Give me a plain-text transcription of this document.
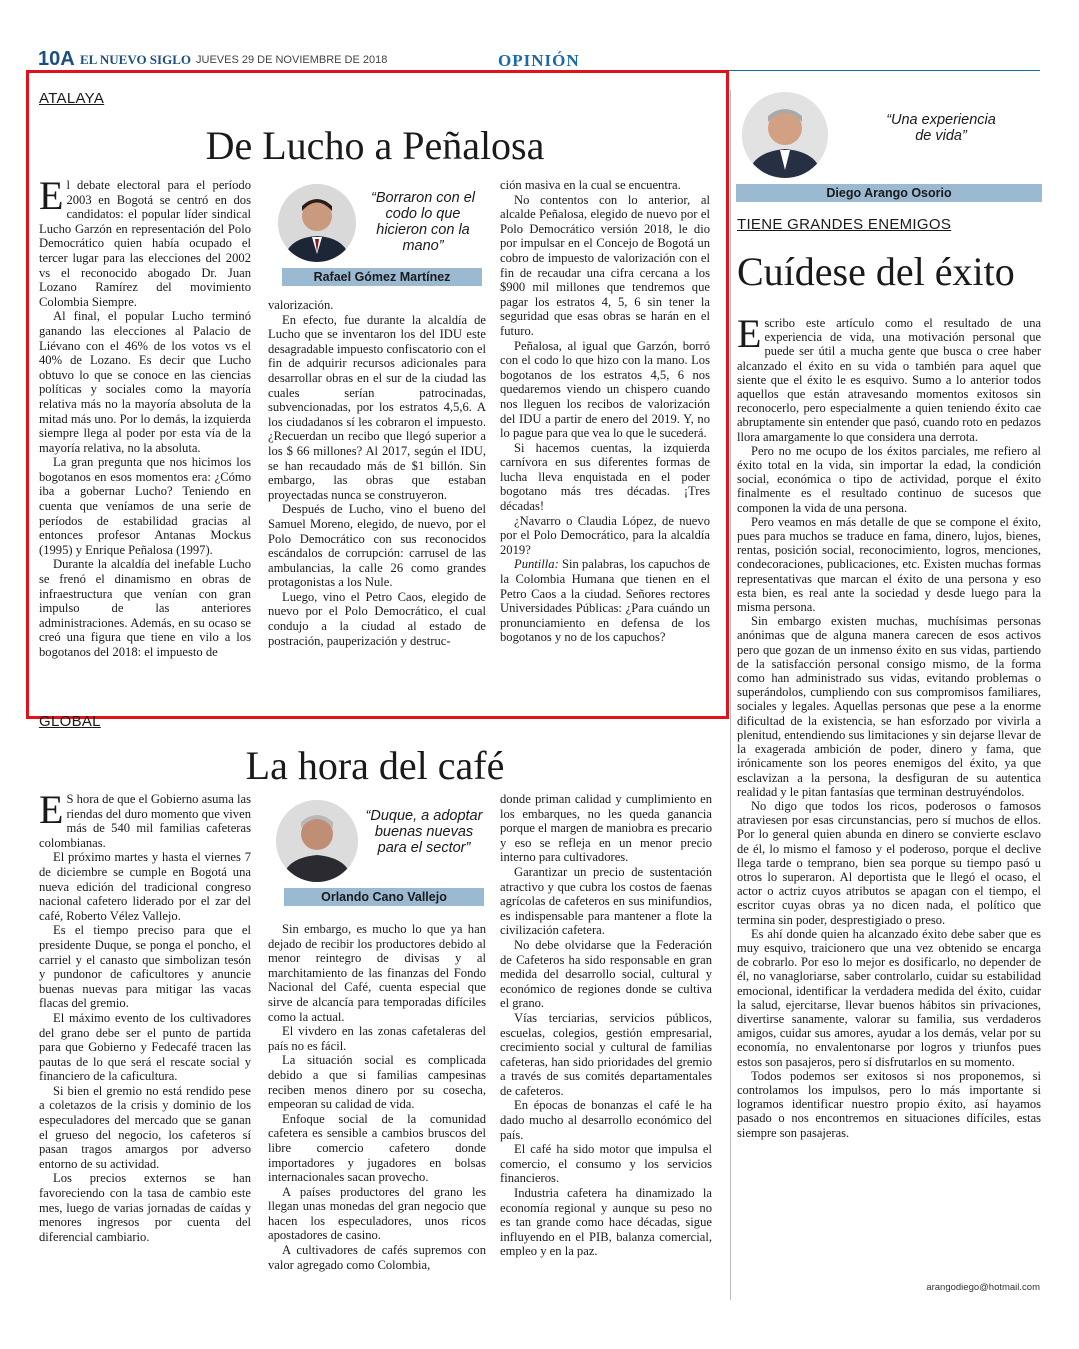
10A EL NUEVO SIGLO JUEVES 29 DE NOVIEMBRE DE 2018	OPINIÓN
ATALAYA
De Lucho a Peñalosa

El debate electoral para el período 2003 en Bogotá se centró en dos candidatos: el popular líder sindical Lucho Garzón en representación del Polo Democrático quien había ocupado el tercer lugar para las elecciones del 2002 vs el reconocido abogado Dr. Juan Lozano Ramírez del movimiento Colombia Siempre.

Al final, el popular Lucho terminó ganando las elecciones al Palacio de Liévano con el 46% de los votos vs el 40% de Lozano. Es decir que Lucho obtuvo lo que se conoce en las ciencias políticas y sociales como la mayoría relativa más no la mayoría absoluta de la mitad más uno. Por lo demás, la izquierda siempre llega al poder por esta vía de la mayoría relativa, no la absoluta.

La gran pregunta que nos hicimos los bogotanos en esos momentos era: ¿Cómo iba a gobernar Lucho? Teniendo en cuenta que veníamos de una serie de períodos de estabilidad gracias al entonces profesor Antanas Mockus (1995) y Enrique Peñalosa (1997).

Durante la alcaldía del inefable Lucho se frenó el dinamismo en obras de infraestructura que venían con gran impulso de las anteriores administraciones. Además, en su ocaso se creó una figura que tiene en vilo a los bogotanos del 2018: el impuesto de

“Borraron con el codo lo que hicieron con la mano”
Rafael Gómez Martínez

valorización.

En efecto, fue durante la alcaldía de Lucho que se inventaron los del IDU este desagradable impuesto confiscatorio con el fin de adquirir recursos adicionales para desarrollar obras en el sur de la ciudad las cuales serían patrocinadas, subvencionadas, por los estratos 4,5,6. A los ciudadanos sí les cobraron el impuesto. ¿Recuerdan un recibo que llegó superior a los $ 66 millones? Al 2017, según el IDU, se han recaudado más de $1 billón. Sin embargo, las obras que estaban proyectadas nunca se construyeron.

Después de Lucho, vino el bueno del Samuel Moreno, elegido, de nuevo, por el Polo Democrático con sus reconocidos escándalos de corrupción: carrusel de las ambulancias, la calle 26 como grandes protagonistas a los Nule.

Luego, vino el Petro Caos, elegido de nuevo por el Polo Democrático, el cual condujo a la ciudad al estado de postración, pauperización y destruc-

ción masiva en la cual se encuentra.

No contentos con lo anterior, al alcalde Peñalosa, elegido de nuevo por el Polo Democrático versión 2018, le dio por impulsar en el Concejo de Bogotá un cobro de impuesto de valorización con el fin de recaudar una cifra cercana a los $900 mil millones que tendremos que pagar los estratos 4, 5, 6 sin tener la seguridad que esas obras se harán en el futuro.

Peñalosa, al igual que Garzón, borró con el codo lo que hizo con la mano. Los bogotanos de los estratos 4,5, 6 nos quedaremos viendo un chispero cuando nos lleguen los recibos de valorización del IDU a partir de enero del 2019. Y, no lo pague para que vea lo que le sucederá.

Si hacemos cuentas, la izquierda carnívora en sus diferentes formas de lucha lleva enquistada en el poder bogotano más tres décadas. ¡Tres décadas!

¿Navarro o Claudia López, de nuevo por el Polo Democrático, para la alcaldía 2019?

Puntilla: Sin palabras, los capuchos de la Colombia Humana que tienen en el Petro Caos a la ciudad. Señores rectores Universidades Públicas: ¿Para cuándo un pronunciamiento en defensa de los bogotanos y no de los capuchos?

GLOBAL
La hora del café

E S hora de que el Gobierno asuma las riendas del duro momento que viven más de 540 mil familias cafeteras colombianas.

El próximo martes y hasta el viernes 7 de diciembre se cumple en Bogotá una nueva edición del tradicional congreso nacional cafetero liderado por el zar del café, Roberto Vélez Vallejo.

Es el tiempo preciso para que el presidente Duque, se ponga el poncho, el carriel y el canasto que simbolizan tesón y pundonor de caficultores y anuncie buenas nuevas para mitigar las vacas flacas del gremio.

El máximo evento de los cultivadores del grano debe ser el punto de partida para que Gobierno y Fedecafé tracen las pautas de lo que será el rescate social y financiero de la caficultura.

Si bien el gremio no está rendido pese a coletazos de la crisis y dominio de los especuladores del mercado que se ganan el grueso del negocio, los cafeteros sí pasan tragos amargos por adverso entorno de su actividad.

Los precios externos se han favoreciendo con la tasa de cambio este mes, luego de varias jornadas de caídas y menores ingresos por cuenta del diferencial cambiario.

“Duque, a adoptar buenas nuevas para el sector”
Orlando Cano Vallejo

Sin embargo, es mucho lo que ya han dejado de recibir los productores debido al menor reintegro de divisas y al marchitamiento de las finanzas del Fondo Nacional del Café, cuenta especial que sirve de alcancía para temporadas difíciles como la actual.

El vivdero en las zonas cafetaleras del país no es fácil.

La situación social es complicada debido a que si familias campesinas reciben menos dinero por su cosecha, empeoran su calidad de vida.

Enfoque social de la comunidad cafetera es sensible a cambios bruscos del libre comercio cafetero donde importadores y jugadores en bolsas internacionales sacan provecho.

A países productores del grano les llegan unas monedas del gran negocio que hacen los especuladores, unos ricos apostadores de casino.

A cultivadores de cafés supremos con valor agregado como Colombia,

donde priman calidad y cumplimiento en los embarques, no les queda ganancia porque el margen de maniobra es precario y eso se refleja en un menor precio interno para cultivadores.

Garantizar un precio de sustentación atractivo y que cubra los costos de faenas agrícolas de cafeteros en sus minifundios, es indispensable para mantener a flote la civilización cafetera.

No debe olvidarse que la Federación de Cafeteros ha sido responsable en gran medida del desarrollo social, cultural y económico de regiones donde se cultiva el grano.

Vías terciarias, servicios públicos, escuelas, colegios, gestión empresarial, crecimiento social y cultural de familias cafeteras, han sido prioridades del gremio a través de sus comités departamentales de cafeteros.

En épocas de bonanzas el café le ha dado mucho al desarrollo económico del país.

El café ha sido motor que impulsa el comercio, el consumo y los servicios financieros.

Industria cafetera ha dinamizado la economía regional y aunque su peso no es tan grande como hace décadas, sigue influyendo en el PIB, balanza comercial, empleo y en la paz.

“Una experiencia de vida”
Diego Arango Osorio
TIENE GRANDES ENEMIGOS
Cuídese del éxito

Escribo este artículo como el resultado de una experiencia de vida, una motivación personal que puede ser útil a mucha gente que busca o cree haber alcanzado el éxito en su vida o también para aquel que siente que el éxito le es esquivo. Sumo a lo anterior todos aquellos que están atravesando momentos exitosos sin reconocerlo, pero especialmente a quien teniendo éxito cae abruptamente sin entender que pasó, cuando roto en pedazos llora amargamente lo que considera una derrota.

Pero no me ocupo de los éxitos parciales, me refiero al éxito total en la vida, sin importar la edad, la condición social, económica o tipo de actividad, porque el éxito finalmente es el resultado continuo de sucesos que componen la vida de una persona.

Pero veamos en más detalle de que se compone el éxito, pues para muchos se traduce en fama, dinero, lujos, bienes, rentas, posición social, reconocimiento, logros, menciones, condecoraciones, publicaciones, etc. Existen muchas formas representativas que marcan el éxito de una persona y eso esta bien, es real ante la sociedad y desde luego para la misma persona.

Sin embargo existen muchas, muchísimas personas anónimas que de alguna manera carecen de esos activos pero que gozan de un inmenso éxito en sus vidas, partiendo de la satisfacción personal consigo mismo, de la forma como han administrado sus vidas, evitando problemas o superándolos, cumpliendo con sus compromisos familiares, sociales y legales. Aquellas personas que pese a la enorme dificultad de la existencia, se han esforzado por vivirla a plenitud, entendiendo sus limitaciones y sin dejarse llevar de la exagerada ambición de poder, dinero y fama, que irónicamente son los peores enemigos del éxito, ya que esclavizan a la persona, la desfiguran de su autentica realidad y le pitan fantasías que terminan destruyéndolos.

No digo que todos los ricos, poderosos o famosos atraviesen por esas circunstancias, pero sí muchos de ellos. Por lo general quien abunda en dinero se convierte esclavo de él, lo mismo el famoso y el poderoso, porque el declive llega tarde o temprano, bien sea porque su tiempo pasó u otros lo superaron. Al deportista que le llegó el ocaso, el actor o actriz cuyos atributos se apagan con el tiempo, el escritor cuyas obras ya no dicen nada, el político que termina sin poder, desprestigiado o preso.

Es ahí donde quien ha alcanzado éxito debe saber que es muy esquivo, traicionero que una vez obtenido se encarga de cobrarlo. Por eso lo mejor es dosificarlo, no depender de él, no vanagloriarse, saber controlarlo, cuidar su estabilidad emocional, identificar la verdadera medida del éxito, cuidar la salud, ejercitarse, llevar buenos hábitos sin privaciones, divertirse sanamente, valorar su familia, sus verdaderos amigos, cuidar sus amores, ayudar a los demás, velar por su economía, no envalentonarse por logros y triunfos pues estos son pasajeros, pero sí disfrutarlos en su momento.

Todos podemos ser exitosos si nos proponemos, si controlamos los impulsos, pero lo más importante si logramos identificar nuestro propio éxito, así hayamos pasado o nos encontremos en situaciones difíciles, estas siempre son pasajeras.

arangodiego@hotmail.com
